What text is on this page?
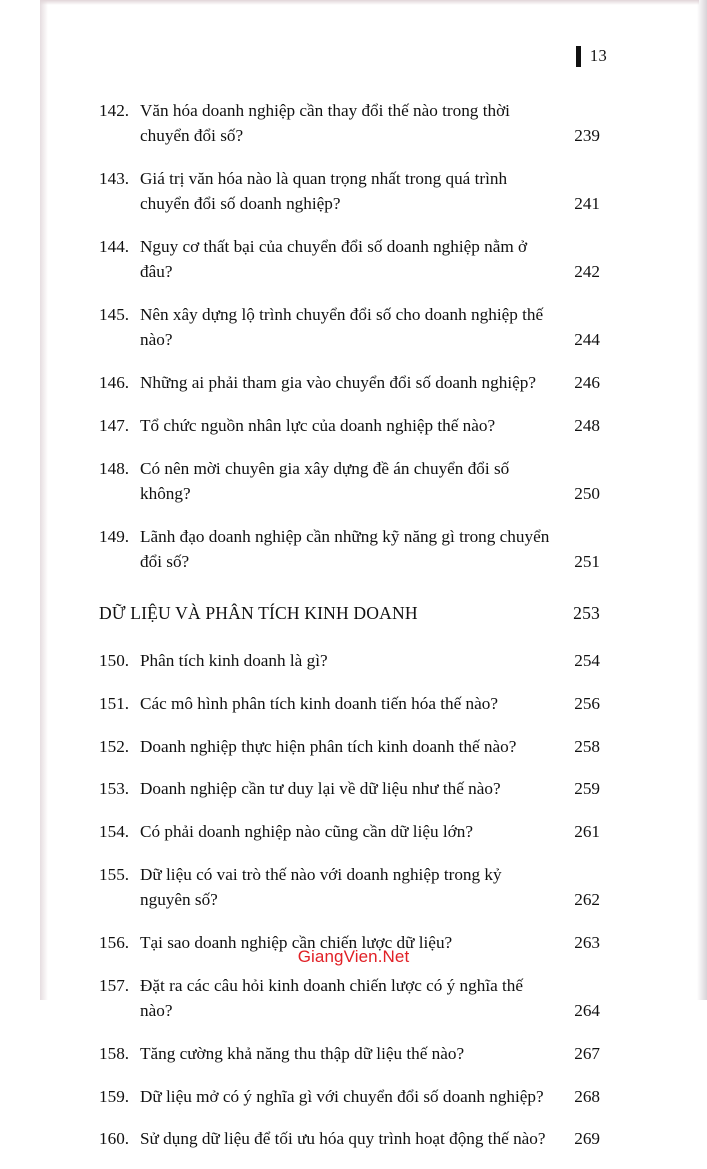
13
142. Văn hóa doanh nghiệp cần thay đổi thế nào trong thời chuyển đổi số?	239
143. Giá trị văn hóa nào là quan trọng nhất trong quá trình chuyển đổi số doanh nghiệp?	241
144. Nguy cơ thất bại của chuyển đổi số doanh nghiệp nằm ở đâu?	242
145. Nên xây dựng lộ trình chuyển đổi số cho doanh nghiệp thế nào?	244
146. Những ai phải tham gia vào chuyển đổi số doanh nghiệp?	246
147. Tổ chức nguồn nhân lực của doanh nghiệp thế nào?	248
148. Có nên mời chuyên gia xây dựng đề án chuyển đổi số không?	250
149. Lãnh đạo doanh nghiệp cần những kỹ năng gì trong chuyển đổi số?	251
DỮ LIỆU VÀ PHÂN TÍCH KINH DOANH	253
150. Phân tích kinh doanh là gì?	254
151. Các mô hình phân tích kinh doanh tiến hóa thế nào?	256
152. Doanh nghiệp thực hiện phân tích kinh doanh thế nào?	258
153. Doanh nghiệp cần tư duy lại về dữ liệu như thế nào?	259
154. Có phải doanh nghiệp nào cũng cần dữ liệu lớn?	261
155. Dữ liệu có vai trò thế nào với doanh nghiệp trong kỷ nguyên số?	262
156. Tại sao doanh nghiệp cần chiến lược dữ liệu?	263
157. Đặt ra các câu hỏi kinh doanh chiến lược có ý nghĩa thế nào?	264
158. Tăng cường khả năng thu thập dữ liệu thế nào?	267
159. Dữ liệu mở có ý nghĩa gì với chuyển đổi số doanh nghiệp?	268
160. Sử dụng dữ liệu để tối ưu hóa quy trình hoạt động thế nào?	269
GiangVien.Net
